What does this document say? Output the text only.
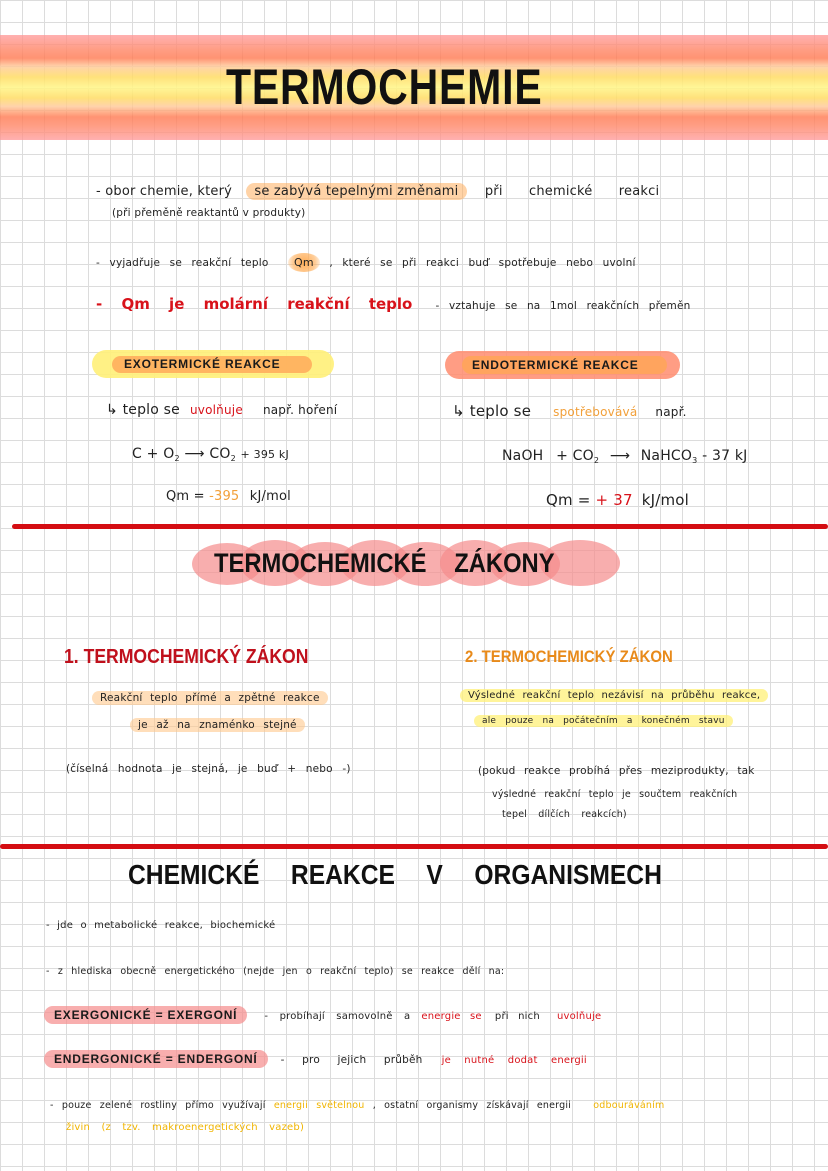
TERMOCHEMIE
- obor chemie, který se zabývá tepelnými změnami při chemické reakci
(při přeměně reaktantů v produkty)
- vyjadřuje se reakční teplo Qm , které se při reakci buď spotřebuje nebo uvolní
- Qm je molární reakční teplo - vztahuje se na 1mol reakčních přeměn
EXOTERMICKÉ REAKCE
↳ teplo se uvolňuje např. hoření
$C + O_2$ ⟶ $CO_2 + 395$ kJ
Qm = -395 kJ/mol
ENDOTERMICKÉ REAKCE
↳ teplo se spotřebovává např.
NaOH + $CO_2$ ⟶ NaHCO$_3$ - 37 kJ
Qm = + 37 kJ/mol
TERMOCHEMICKÉ ZÁKONY
1. TERMOCHEMICKÝ ZÁKON
Reakční teplo přímé a zpětné reakce
je až na znaménko stejné
(číselná hodnota je stejná, je buď + nebo -)
2. TERMOCHEMICKÝ ZÁKON
Výsledné reakční teplo nezávisí na průběhu reakce,
ale pouze na počátečním a konečném stavu
(pokud reakce probíhá přes meziprodukty, tak
výsledné reakční teplo je součtem reakčních
tepel dílčích reakcích)
CHEMICKÉ REAKCE V ORGANISMECH
- jde o metabolické reakce, biochemické
- z hlediska obecně energetického (nejde jen o reakční teplo) se reakce dělí na:
EXERGONICKÉ = EXERGONÍ	- probíhají samovolně a energie se při nich uvolňuje
ENDERGONICKÉ = ENDERGONÍ - pro jejich průběh je nutné dodat energii
- pouze zelené rostliny přímo využívají energii světelnou , ostatní organismy získávají energii odbouráváním
živin (z tzv. makroenergetických vazeb)
